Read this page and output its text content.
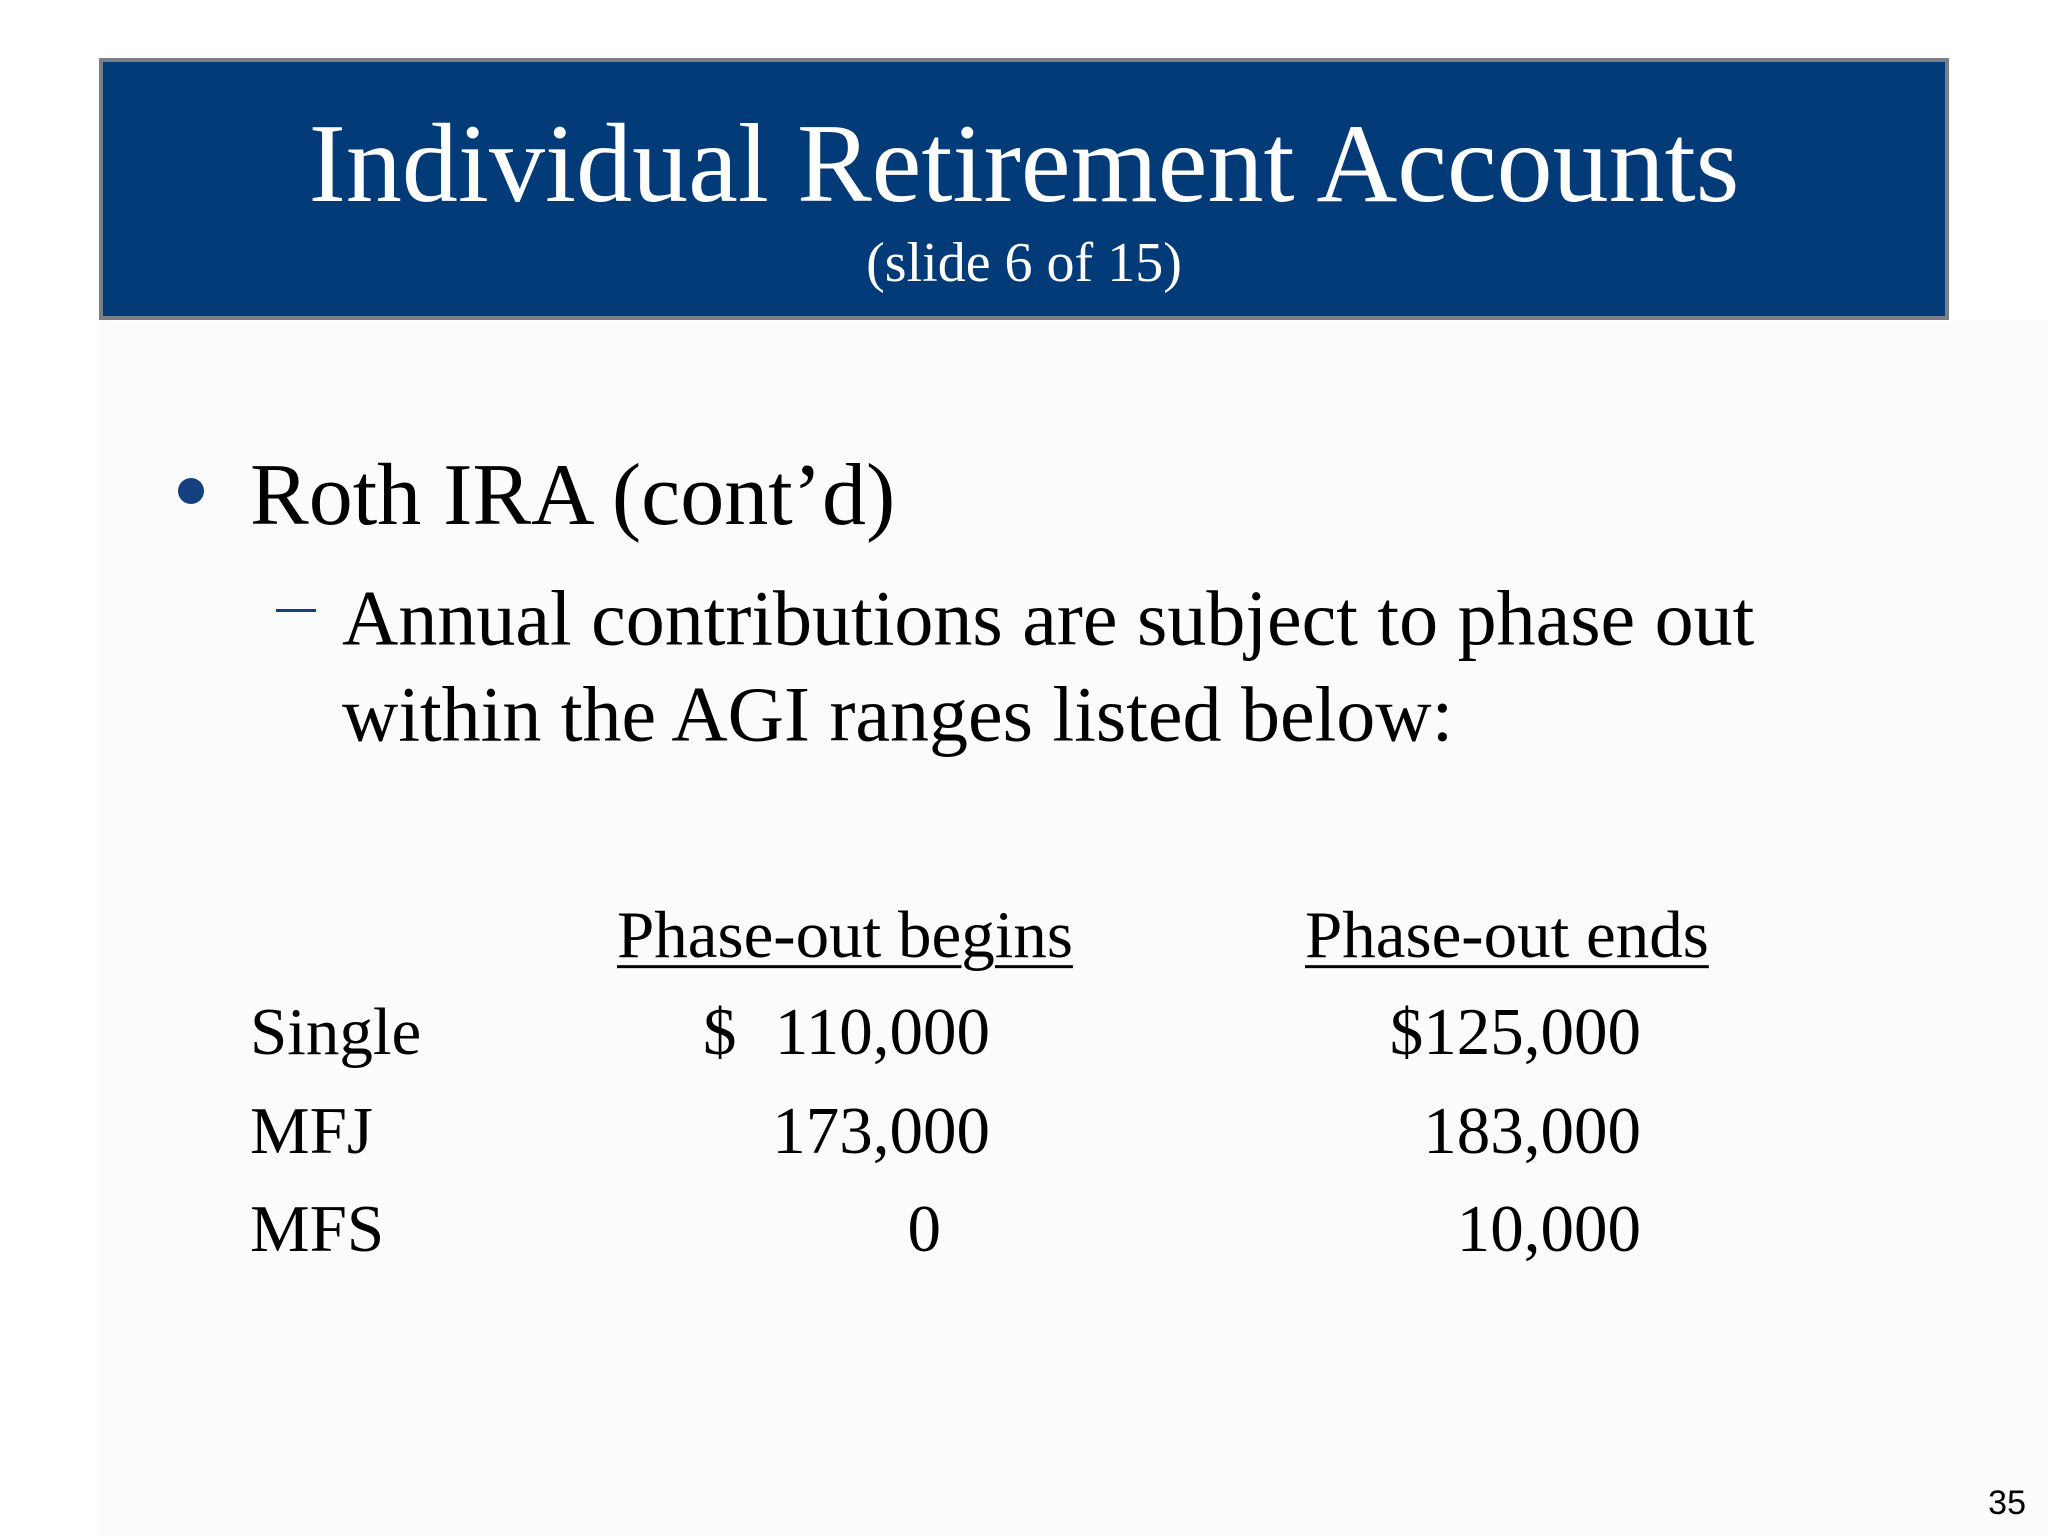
Individual Retirement Accounts
(slide 6 of 15)
Roth IRA (cont’d)
Annual contributions are subject to phase out
within the AGI ranges listed below:
Phase-out begins	Phase-out ends
Single	$ 110,000	$125,000
MFJ	173,000	183,000
MFS	0	10,000
35
